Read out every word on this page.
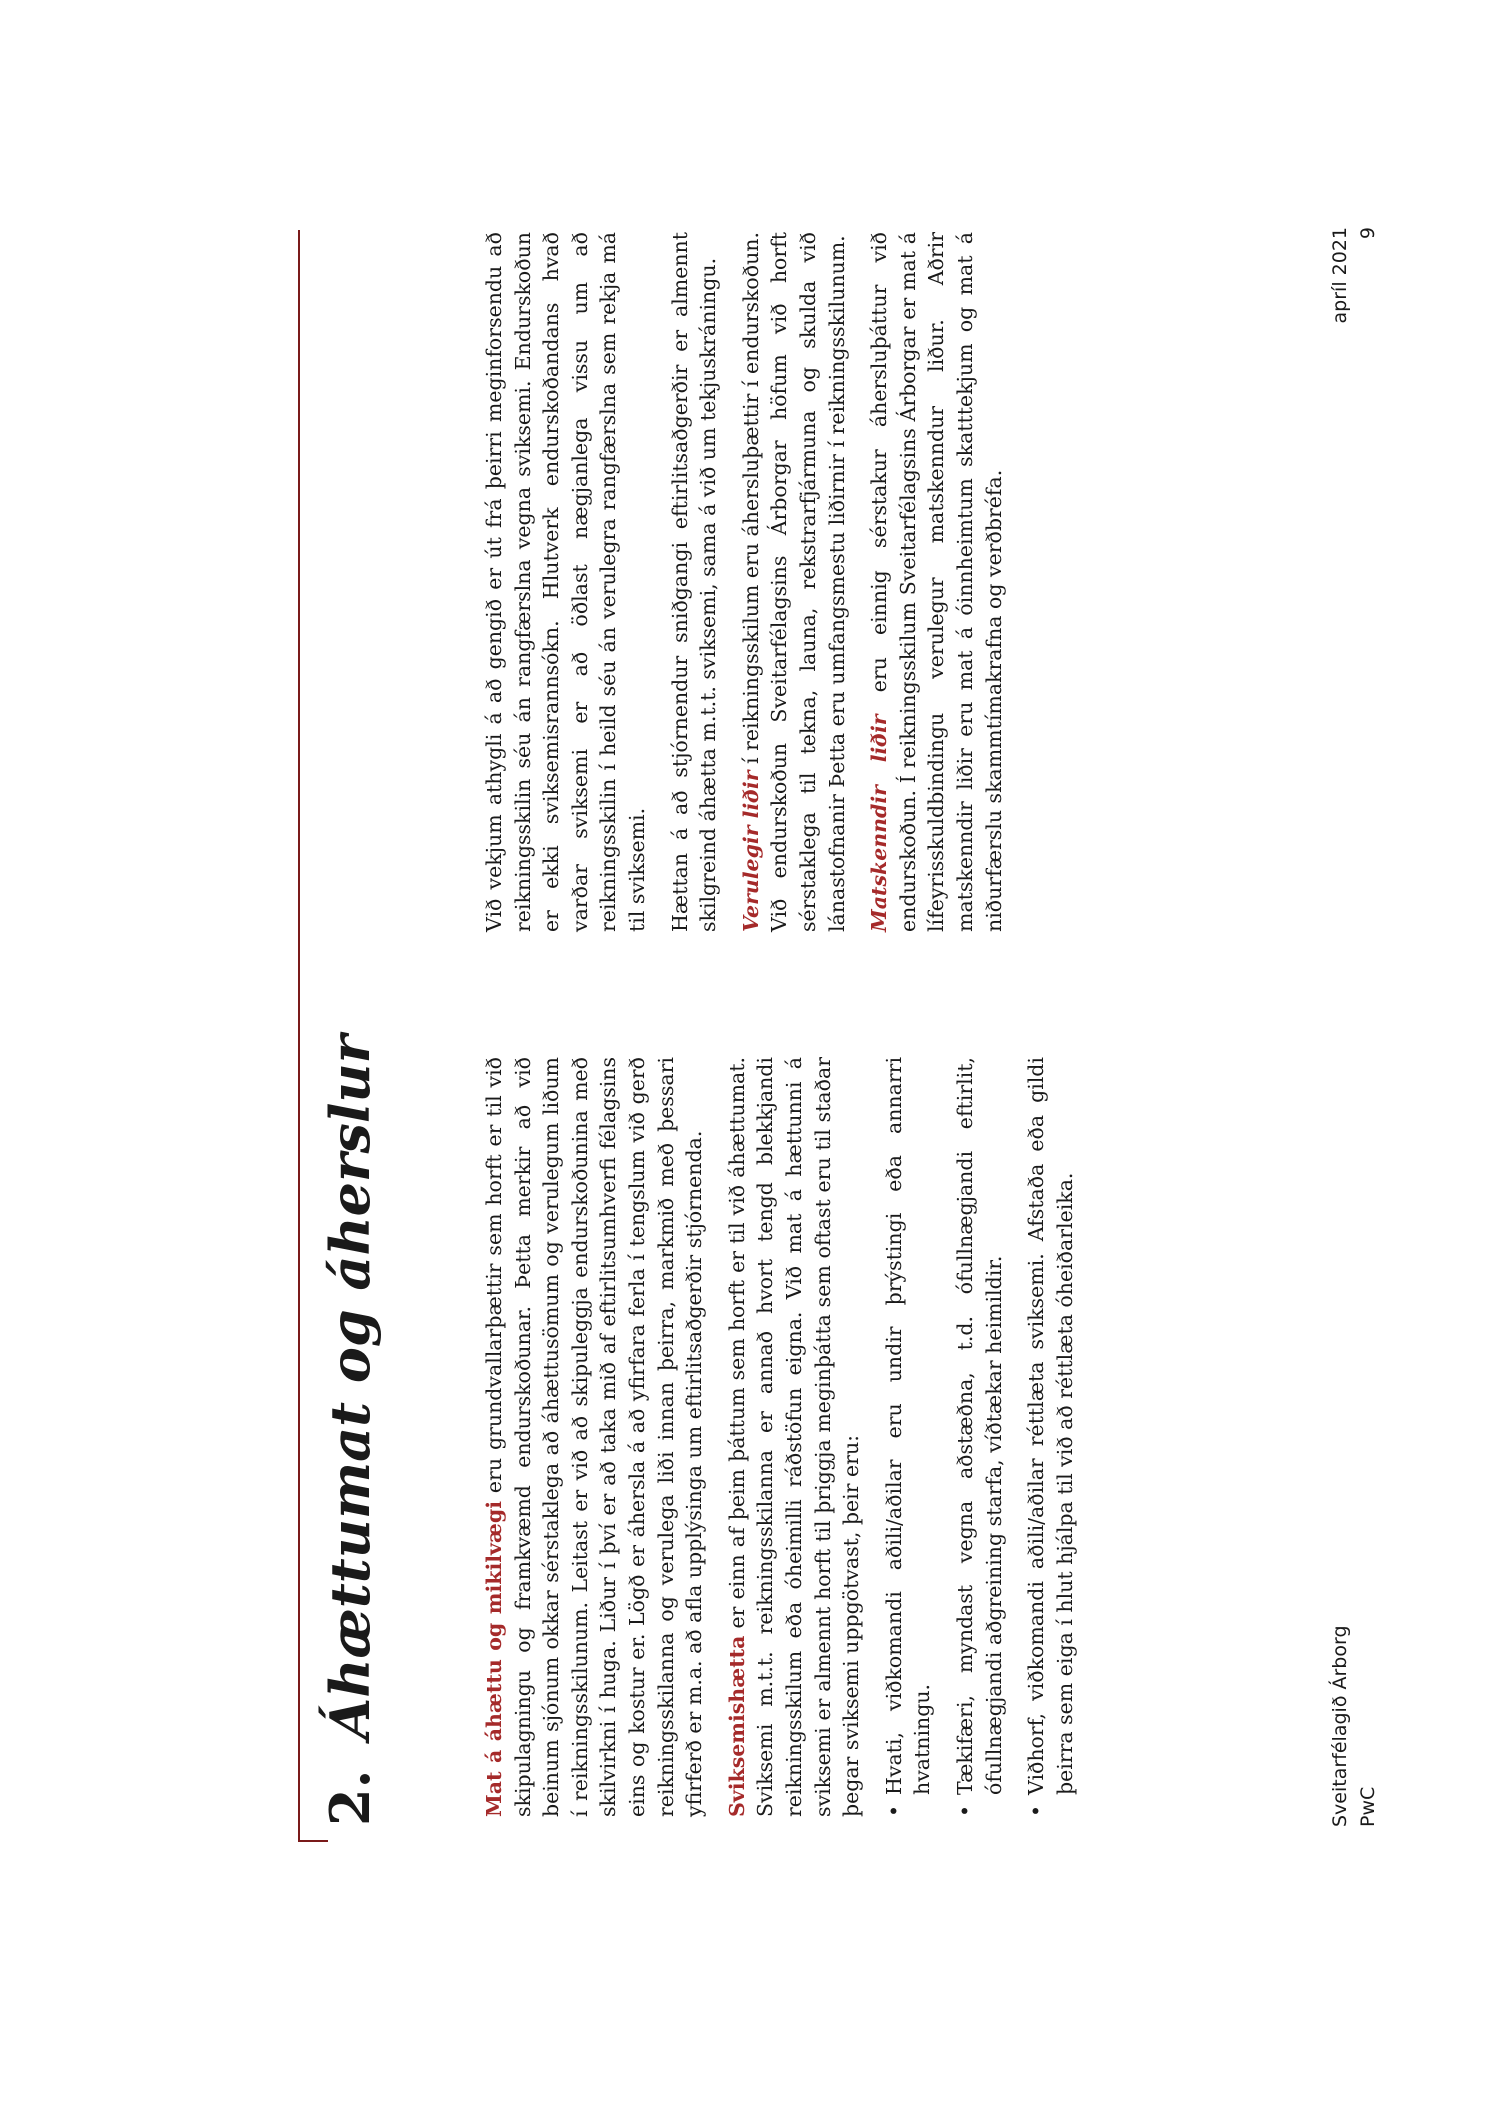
2.Áhættumat og áherslur	Mat á áhættu og mikilvægi eru grundvallarþættir sem horft er til við skipulagningu og framkvæmd endurskoðunar. Þetta merkir að við beinum sjónum okkar sérstaklega að áhættusömum og verulegum liðum í reikningsskilunum. Leitast er við að skipuleggja endurskoðunina með skilvirkni í huga. Liður í því er að taka mið af eftirlitsumhverfi félagsins eins og kostur er. Lögð er áhersla á að yfirfara ferla í tengslum við gerð reikningsskilanna og verulega liði innan þeirra, markmið með þessari yfirferð er m.a. að afla upplýsinga um eftirlitsaðgerðir stjórnenda. Sviksemishætta er einn af þeim þáttum sem horft er til við áhættumat. Sviksemi m.t.t. reikningsskilanna er annað hvort tengd blekkjandi reikningsskilum eða óheimilli ráðstöfun eigna. Við mat á hættunni á sviksemi er almennt horft til þriggja meginþátta sem oftast eru til staðar þegar sviksemi uppgötvast, þeir eru: •
Hvati, viðkomandi aðili/aðilar eru undir þrýstingi eða annarri hvatningu.
•
Tækifæri, myndast vegna aðstæðna, t.d. ófullnægjandi eftirlit, ófullnægjandi aðgreining starfa, víðtækar heimildir.
•
Viðhorf, viðkomandi aðili/aðilar réttlæta sviksemi. Afstaða eða gildi þeirra sem eiga í hlut hjálpa til við að réttlæta óheiðarleika.

Við vekjum athygli á að gengið er út frá þeirri meginforsendu að reikningsskilin séu án rangfærslna vegna sviksemi. Endurskoðun er ekki sviksemisrannsókn. Hlutverk endurskoðandans hvað varðar sviksemi er að öðlast nægjanlega vissu um að reikningsskilin í heild séu án verulegra rangfærslna sem rekja má til sviksemi. Hættan á að stjórnendur sniðgangi eftirlitsaðgerðir er almennt skilgreind áhætta m.t.t. sviksemi, sama á við um tekjuskráningu. Verulegir liðir í reikningsskilum eru áhersluþættir í endurskoðun. Við endurskoðun Sveitarfélagsins Árborgar höfum við horft sérstaklega til tekna, launa, rekstrarfjármuna og skulda við lánastofnanir Þetta eru umfangsmestu liðirnir í reikningsskilunum. Matskenndir liðir eru einnig sérstakur áhersluþáttur við endurskoðun. Í reikningsskilum Sveitarfélagsins Árborgar er mat á lífeyrisskuldbindingu verulegur matskenndur liður. Aðrir matskenndir liðir eru mat á óinnheimtum skatttekjum og mat á niðurfærslu skammtímakrafna og verðbréfa.

Sveitarfélagið Árborg PwC
apríl 2021 9
